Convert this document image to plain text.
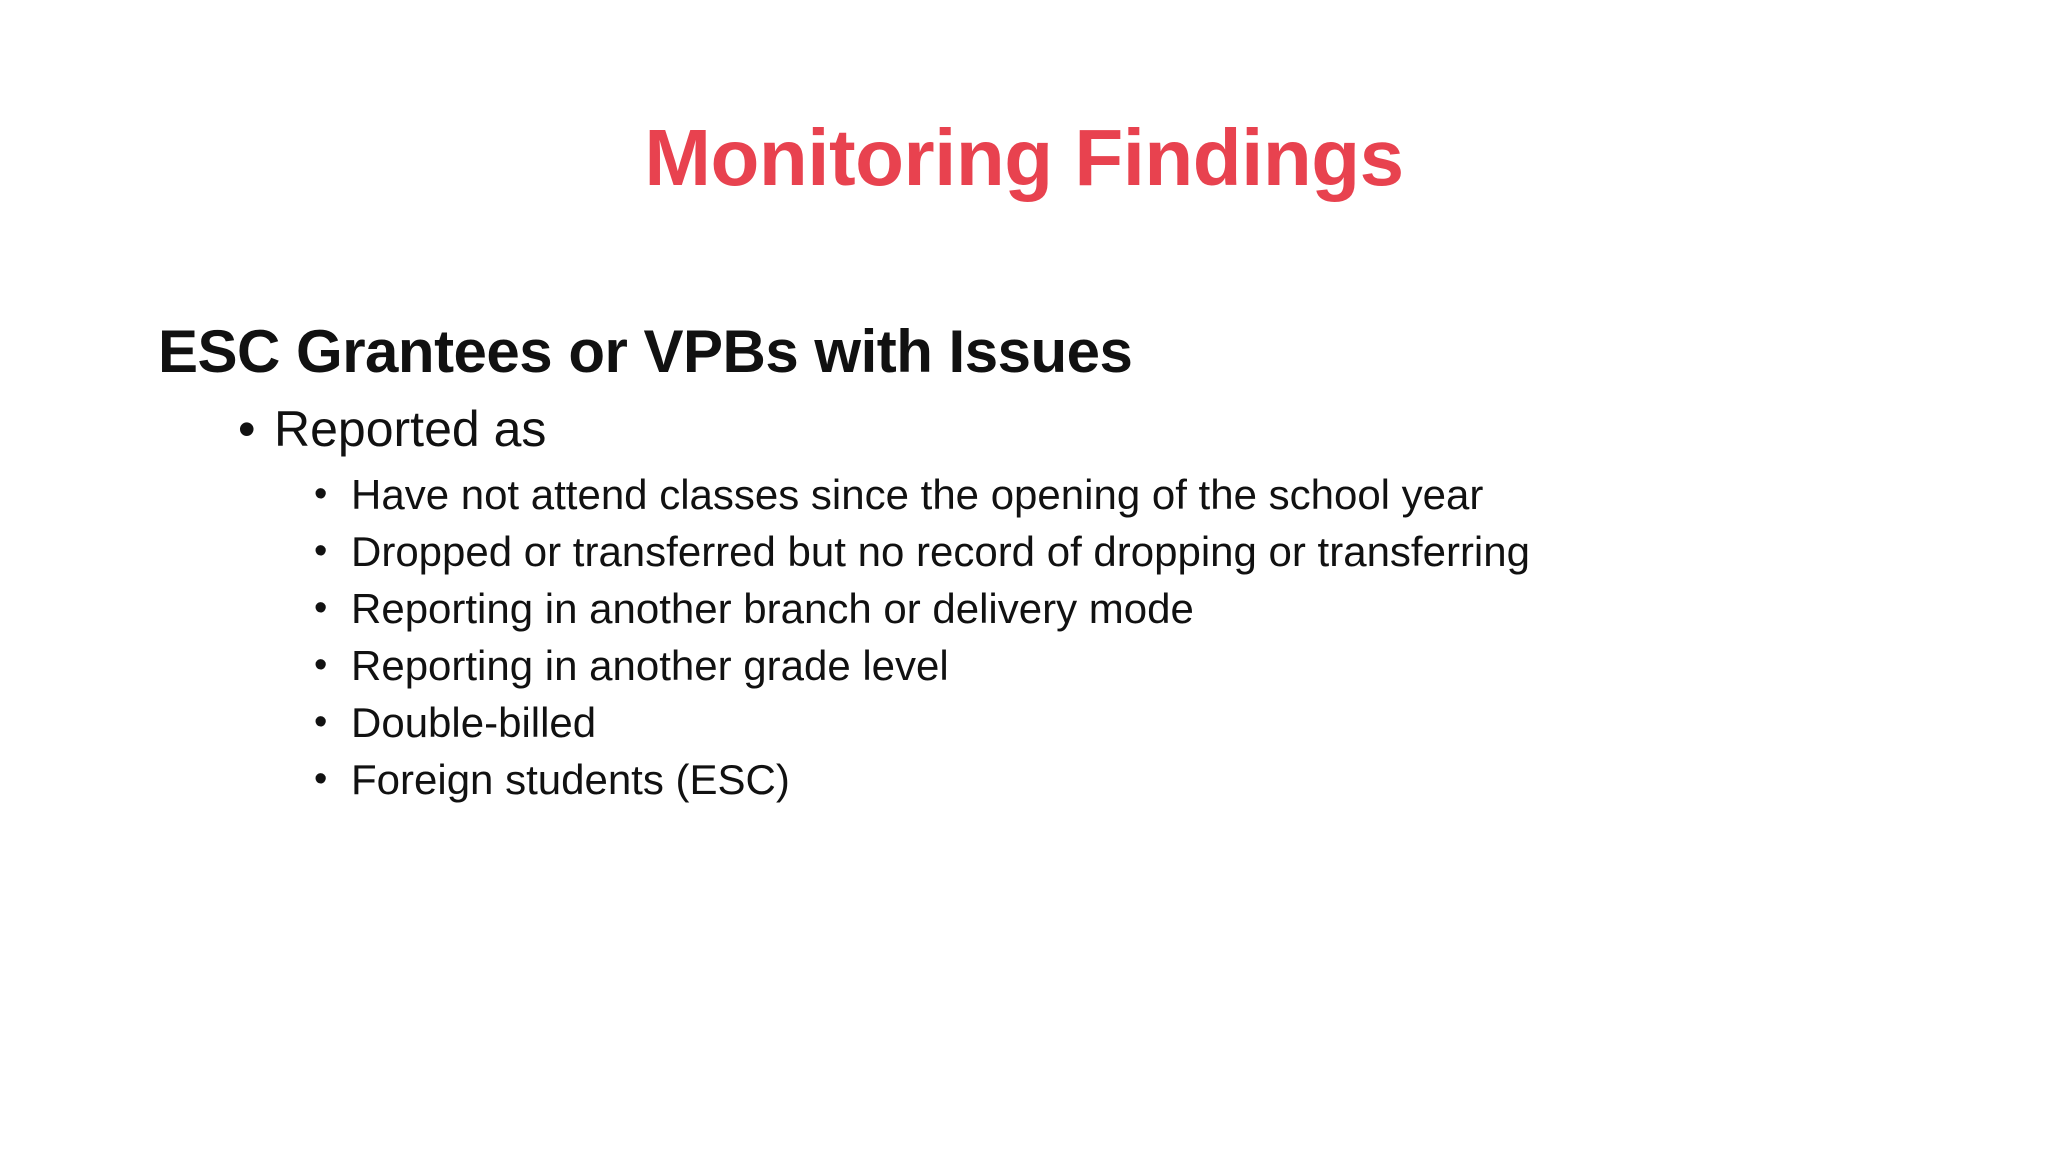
Monitoring Findings
ESC Grantees or VPBs with Issues
• Reported as
• Have not attend classes since the opening of the school year
• Dropped or transferred but no record of dropping or transferring
• Reporting in another branch or delivery mode
• Reporting in another grade level
• Double-billed
• Foreign students (ESC)
